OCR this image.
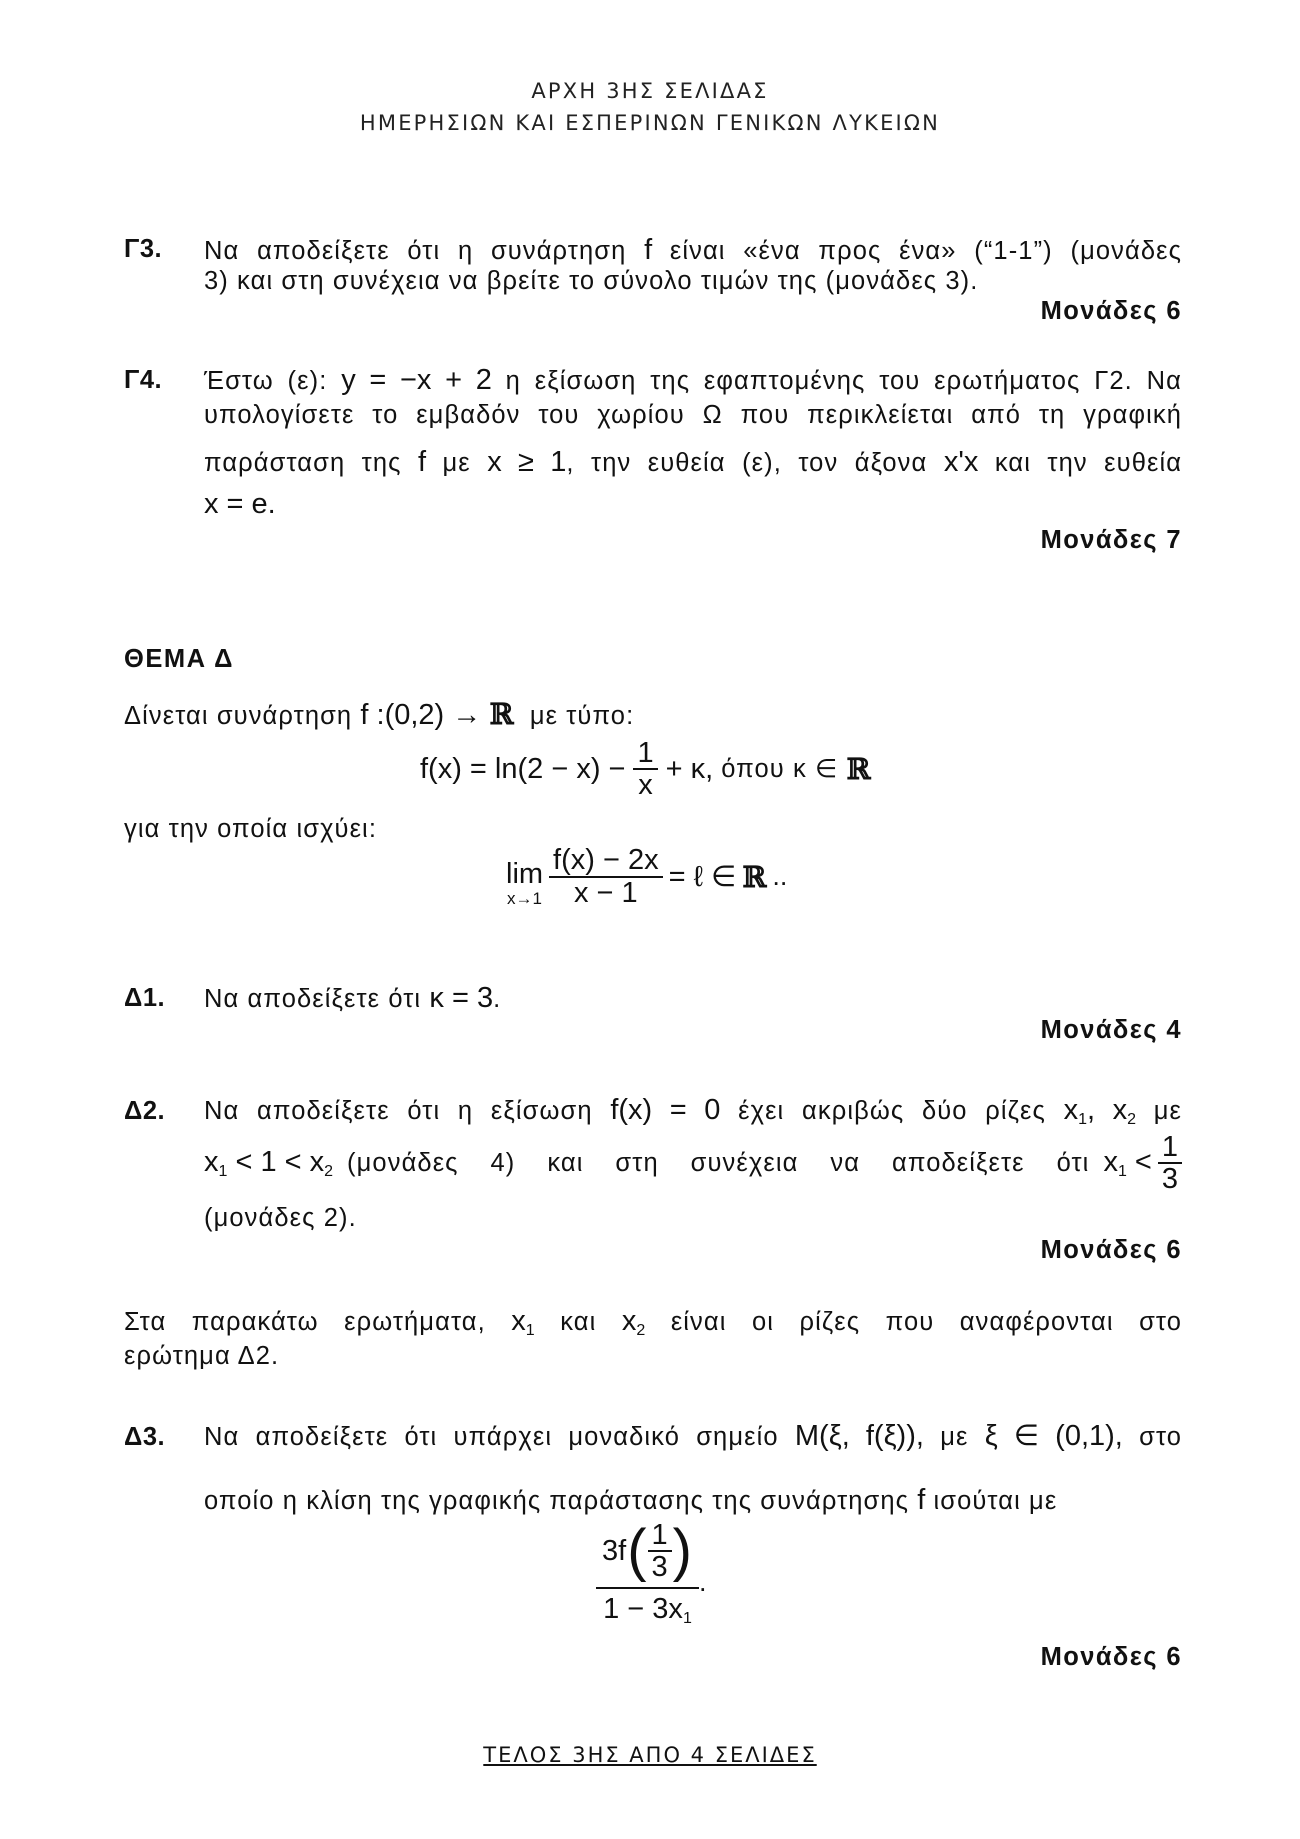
ΑΡΧΗ 3ΗΣ ΣΕΛΙΔΑΣ
ΗΜΕΡΗΣΙΩΝ ΚΑΙ ΕΣΠΕΡΙΝΩΝ ΓΕΝΙΚΩΝ ΛΥΚΕΙΩΝ
Γ3. Να αποδείξετε ότι η συνάρτηση f είναι «ένα προς ένα» (“1-1”) (μονάδες
3) και στη συνέχεια να βρείτε το σύνολο τιμών της (μονάδες 3).
Μονάδες 6
Γ4. Έστω (ε): y = −x + 2 η εξίσωση της εφαπτομένης του ερωτήματος Γ2. Να
υπολογίσετε το εμβαδόν του χωρίου Ω που περικλείεται από τη γραφική
παράσταση της f με x ≥ 1, την ευθεία (ε), τον άξονα x'x και την ευθεία
x = e.
Μονάδες 7
ΘΕΜΑ Δ
Δίνεται συνάρτηση f :(0,2) → ℝ με τύπο:
$f(x) = \ln(2 - x) - \frac{1}{x} + \kappa$, όπου κ ∈ ℝ
για την οποία ισχύει:
lim
$x\to 1 \frac{f(x) - 2x}{x - 1}$ = ℓ ∈ ℝ ..
Δ1. Να αποδείξετε ότι κ = 3.
Μονάδες 4
Δ2. Να αποδείξετε ότι η εξίσωση f(x) = 0 έχει ακριβώς δύο ρίζες $x_1$, $x_2$ με
$x_1 < 1 < x_2$ (μονάδες 4) και στη συνέχεια να αποδείξετε ότι $x_1 < \frac{1}{3}$
(μονάδες 2).
Μονάδες 6
Στα παρακάτω ερωτήματα, $x_1$ και $x_2$ είναι οι ρίζες που αναφέρονται στο
ερώτημα Δ2.
Δ3. Να αποδείξετε ότι υπάρχει μοναδικό σημείο M(ξ, f(ξ)), με ξ ∈ (0,1), στο
οποίο η κλίση της γραφικής παράστασης της συνάρτησης f ισούται με
3f ( $\frac{1}{3}$ )
$1 - 3x_1$
.
Μονάδες 6
ΤΕΛΟΣ 3ΗΣ ΑΠΟ 4 ΣΕΛΙΔΕΣ
